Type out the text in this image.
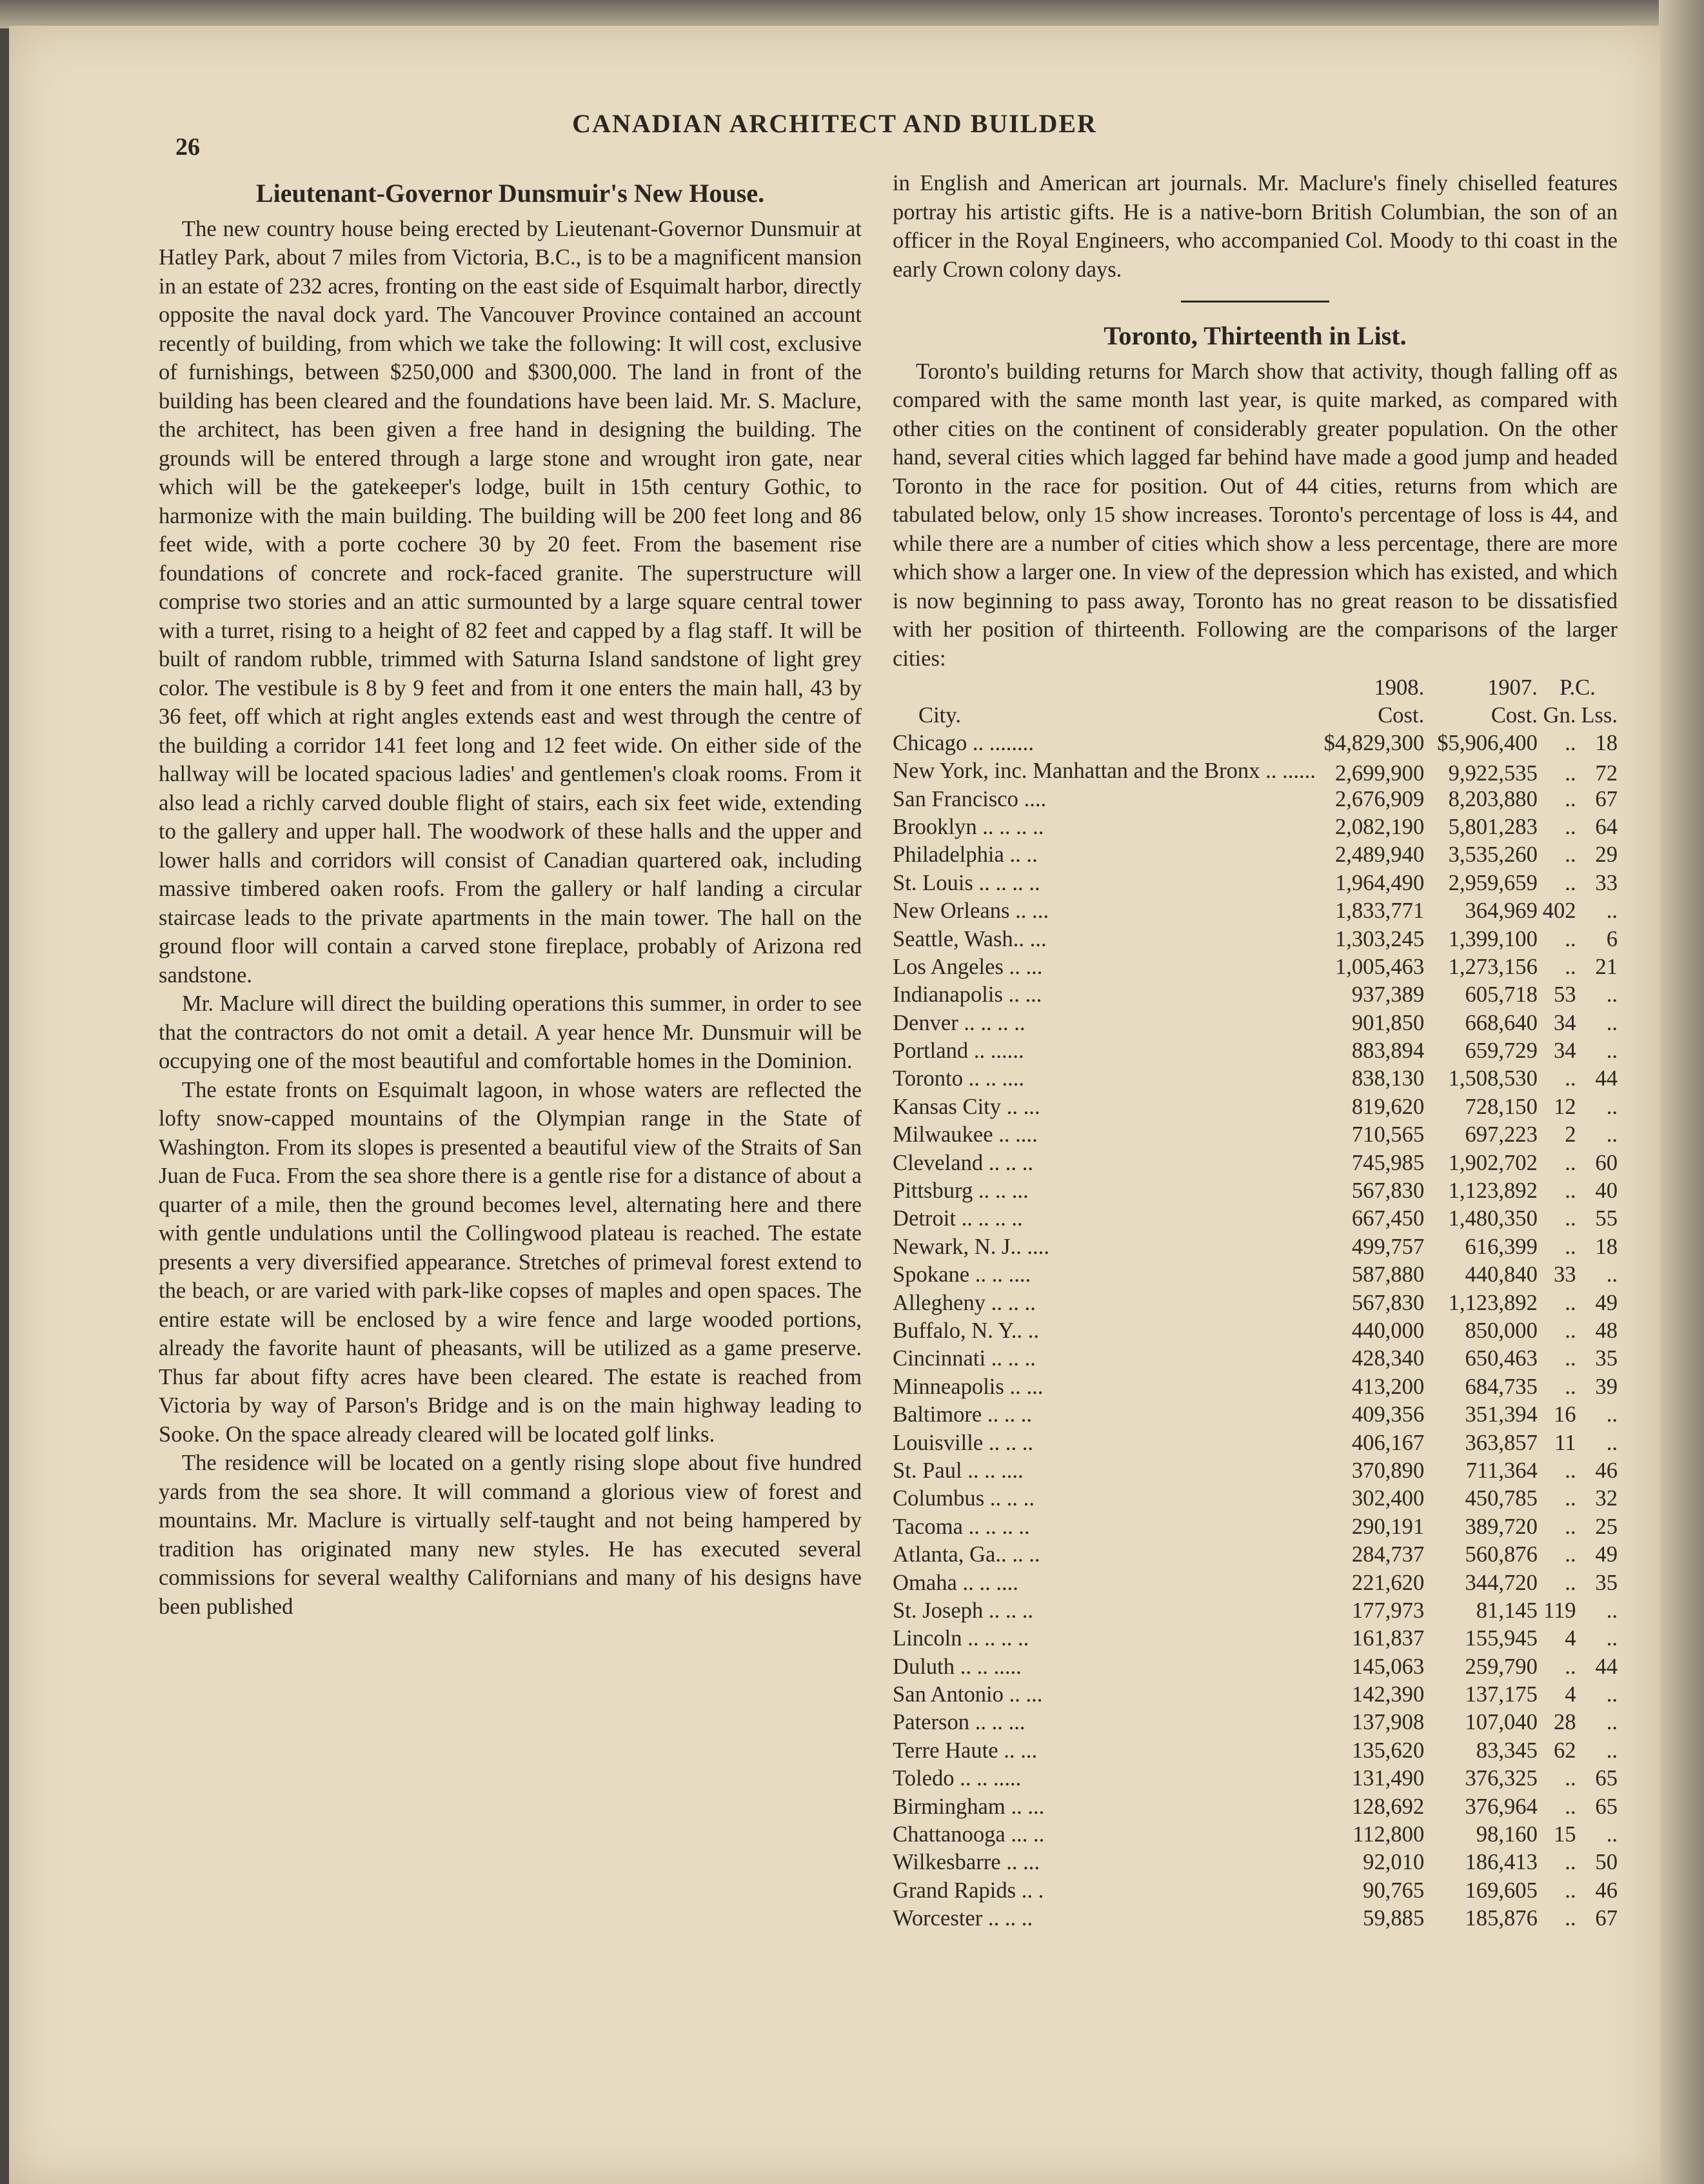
CANADIAN ARCHITECT AND BUILDER
26
Lieutenant-Governor Dunsmuir's New House.

The new country house being erected by Lieutenant-Governor Dunsmuir at Hatley Park, about 7 miles from Victoria, B.C., is to be a magnificent mansion in an estate of 232 acres, fronting on the east side of Esquimalt harbor, directly opposite the naval dock yard. The Vancouver Province contained an account recently of building, from which we take the following: It will cost, exclusive of furnishings, between $250,000 and $300,000. The land in front of the building has been cleared and the foundations have been laid. Mr. S. Maclure, the architect, has been given a free hand in designing the building. The grounds will be entered through a large stone and wrought iron gate, near which will be the gatekeeper's lodge, built in 15th century Gothic, to harmonize with the main building. The building will be 200 feet long and 86 feet wide, with a porte cochere 30 by 20 feet. From the basement rise foundations of concrete and rock-faced granite. The superstructure will comprise two stories and an attic surmounted by a large square central tower with a turret, rising to a height of 82 feet and capped by a flag staff. It will be built of random rubble, trimmed with Saturna Island sandstone of light grey color. The vestibule is 8 by 9 feet and from it one enters the main hall, 43 by 36 feet, off which at right angles extends east and west through the centre of the building a corridor 141 feet long and 12 feet wide. On either side of the hallway will be located spacious ladies' and gentlemen's cloak rooms. From it also lead a richly carved double flight of stairs, each six feet wide, extending to the gallery and upper hall. The woodwork of these halls and the upper and lower halls and corridors will consist of Canadian quartered oak, including massive timbered oaken roofs. From the gallery or half landing a circular staircase leads to the private apartments in the main tower. The hall on the ground floor will contain a carved stone fireplace, probably of Arizona red sandstone.

Mr. Maclure will direct the building operations this summer, in order to see that the contractors do not omit a detail. A year hence Mr. Dunsmuir will be occupying one of the most beautiful and comfortable homes in the Dominion.

The estate fronts on Esquimalt lagoon, in whose waters are reflected the lofty snow-capped mountains of the Olympian range in the State of Washington. From its slopes is presented a beautiful view of the Straits of San Juan de Fuca. From the sea shore there is a gentle rise for a distance of about a quarter of a mile, then the ground becomes level, alternating here and there with gentle undulations until the Collingwood plateau is reached. The estate presents a very diversified appearance. Stretches of primeval forest extend to the beach, or are varied with park-like copses of maples and open spaces. The entire estate will be enclosed by a wire fence and large wooded portions, already the favorite haunt of pheasants, will be utilized as a game preserve. Thus far about fifty acres have been cleared. The estate is reached from Victoria by way of Parson's Bridge and is on the main highway leading to Sooke. On the space already cleared will be located golf links.

The residence will be located on a gently rising slope about five hundred yards from the sea shore. It will command a glorious view of forest and mountains. Mr. Maclure is virtually self-taught and not being hampered by tradition has originated many new styles. He has executed several commissions for several wealthy Californians and many of his designs have been published

in English and American art journals. Mr. Maclure's finely chiselled features portray his artistic gifts. He is a native-born British Columbian, the son of an officer in the Royal Engineers, who accompanied Col. Moody to thi coast in the early Crown colony days.

Toronto, Thirteenth in List.

Toronto's building returns for March show that activity, though falling off as compared with the same month last year, is quite marked, as compared with other cities on the continent of considerably greater population. On the other hand, several cities which lagged far behind have made a good jump and headed Toronto in the race for position. Out of 44 cities, returns from which are tabulated below, only 15 show increases. Toronto's percentage of loss is 44, and while there are a number of cities which show a less percentage, there are more which show a larger one. In view of the depression which has existed, and which is now beginning to pass away, Toronto has no great reason to be dissatisfied with her position of thirteenth. Following are the comparisons of the larger cities:

	1908.	1907.	P.C.	
City.	Cost.	Cost.	Gn.	Lss.
Chicago .. ........	$4,829,300	$5,906,400	..	18
New York, inc. Manhattan and the Bronx .. ......	2,699,900	9,922,535	..	72
San Francisco ....	2,676,909	8,203,880	..	67
Brooklyn .. .. .. ..	2,082,190	5,801,283	..	64
Philadelphia .. ..	2,489,940	3,535,260	..	29
St. Louis .. .. .. ..	1,964,490	2,959,659	..	33
New Orleans .. ...	1,833,771	364,969	402	..
Seattle, Wash.. ...	1,303,245	1,399,100	..	6
Los Angeles .. ...	1,005,463	1,273,156	..	21
Indianapolis .. ...	937,389	605,718	53	..
Denver .. .. .. ..	901,850	668,640	34	..
Portland .. ......	883,894	659,729	34	..
Toronto .. .. ....	838,130	1,508,530	..	44
Kansas City .. ...	819,620	728,150	12	..
Milwaukee .. ....	710,565	697,223	2	..
Cleveland .. .. ..	745,985	1,902,702	..	60
Pittsburg .. .. ...	567,830	1,123,892	..	40
Detroit .. .. .. ..	667,450	1,480,350	..	55
Newark, N. J.. ....	499,757	616,399	..	18
Spokane .. .. ....	587,880	440,840	33	..
Allegheny .. .. ..	567,830	1,123,892	..	49
Buffalo, N. Y.. ..	440,000	850,000	..	48
Cincinnati .. .. ..	428,340	650,463	..	35
Minneapolis .. ...	413,200	684,735	..	39
Baltimore .. .. ..	409,356	351,394	16	..
Louisville .. .. ..	406,167	363,857	11	..
St. Paul .. .. ....	370,890	711,364	..	46
Columbus .. .. ..	302,400	450,785	..	32
Tacoma .. .. .. ..	290,191	389,720	..	25
Atlanta, Ga.. .. ..	284,737	560,876	..	49
Omaha .. .. ....	221,620	344,720	..	35
St. Joseph .. .. ..	177,973	81,145	119	..
Lincoln .. .. .. ..	161,837	155,945	4	..
Duluth .. .. .....	145,063	259,790	..	44
San Antonio .. ...	142,390	137,175	4	..
Paterson .. .. ...	137,908	107,040	28	..
Terre Haute .. ...	135,620	83,345	62	..
Toledo .. .. .....	131,490	376,325	..	65
Birmingham .. ...	128,692	376,964	..	65
Chattanooga ... ..	112,800	98,160	15	..
Wilkesbarre .. ...	92,010	186,413	..	50
Grand Rapids .. .	90,765	169,605	..	46
Worcester .. .. ..	59,885	185,876	..	67
